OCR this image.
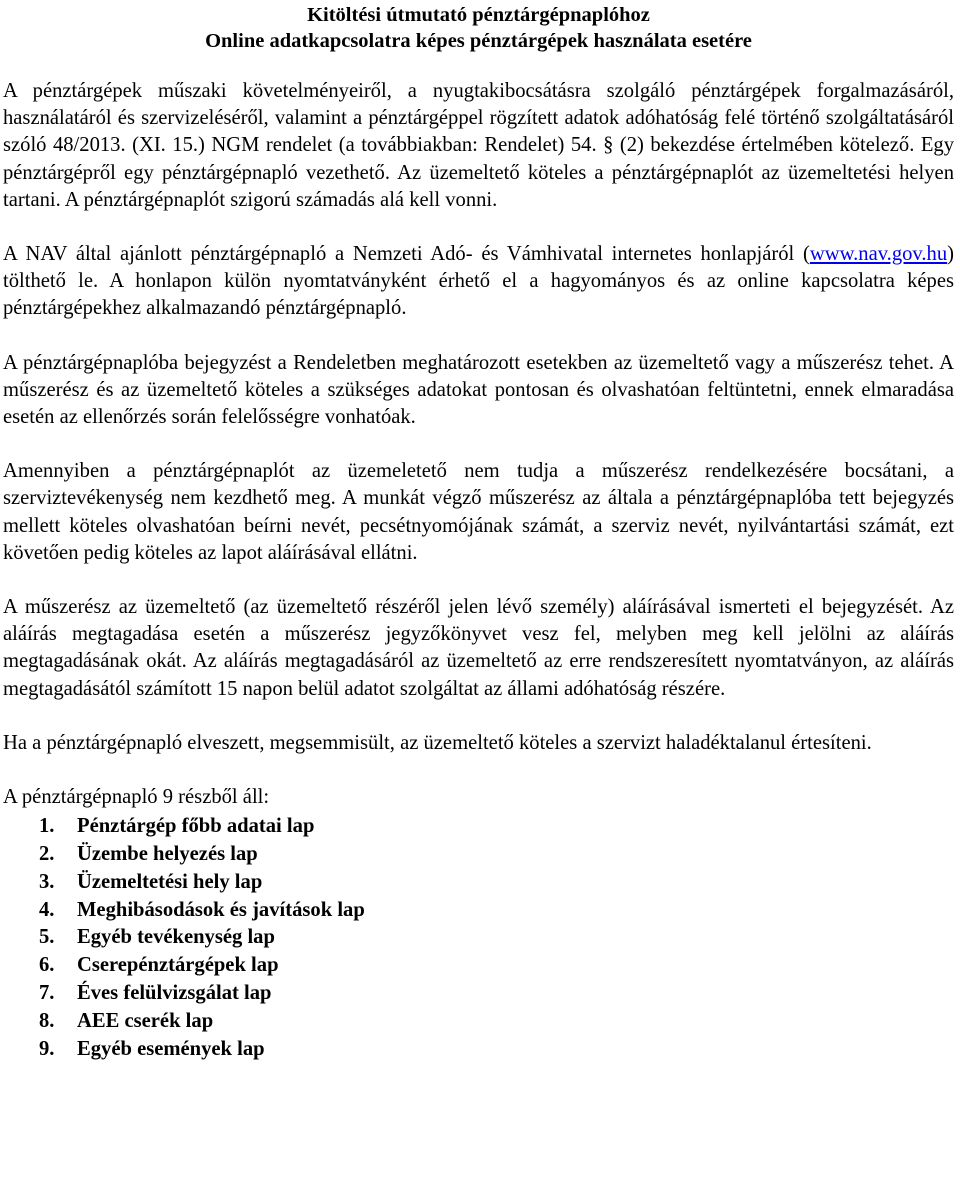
Kitöltési útmutató pénztárgépnaplóhoz

Online adatkapcsolatra képes pénztárgépek használata esetére

A pénztárgépek műszaki követelményeiről, a nyugtakibocsátásra szolgáló pénztárgépek forgalmazásáról, használatáról és szervizeléséről, valamint a pénztárgéppel rögzített adatok adóhatóság felé történő szolgáltatásáról szóló 48/2013. (XI. 15.) NGM rendelet (a továbbiakban: Rendelet) 54. § (2) bekezdése értelmében kötelező. Egy pénztárgépről egy pénztárgépnapló vezethető. Az üzemeltető köteles a pénztárgépnaplót az üzemeltetési helyen tartani. A pénztárgépnaplót szigorú számadás alá kell vonni.

A NAV által ajánlott pénztárgépnapló a Nemzeti Adó- és Vámhivatal internetes honlapjáról (www.nav.gov.hu) tölthető le. A honlapon külön nyomtatványként érhető el a hagyományos és az online kapcsolatra képes pénztárgépekhez alkalmazandó pénztárgépnapló.

A pénztárgépnaplóba bejegyzést a Rendeletben meghatározott esetekben az üzemeltető vagy a műszerész tehet. A műszerész és az üzemeltető köteles a szükséges adatokat pontosan és olvashatóan feltüntetni, ennek elmaradása esetén az ellenőrzés során felelősségre vonhatóak.

Amennyiben a pénztárgépnaplót az üzemeletető nem tudja a műszerész rendelkezésére bocsátani, a szerviztevékenység nem kezdhető meg. A munkát végző műszerész az általa a pénztárgépnaplóba tett bejegyzés mellett köteles olvashatóan beírni nevét, pecsétnyomójának számát, a szerviz nevét, nyilvántartási számát, ezt követően pedig köteles az lapot aláírásával ellátni.

A műszerész az üzemeltető (az üzemeltető részéről jelen lévő személy) aláírásával ismerteti el bejegyzését. Az aláírás megtagadása esetén a műszerész jegyzőkönyvet vesz fel, melyben meg kell jelölni az aláírás megtagadásának okát. Az aláírás megtagadásáról az üzemeltető az erre rendszeresített nyomtatványon, az aláírás megtagadásától számított 15 napon belül adatot szolgáltat az állami adóhatóság részére.

Ha a pénztárgépnapló elveszett, megsemmisült, az üzemeltető köteles a szervizt haladéktalanul értesíteni.

A pénztárgépnapló 9 részből áll:

1.	Pénztárgép főbb adatai lap
2.	Üzembe helyezés lap
3.	Üzemeltetési hely lap
4.	Meghibásodások és javítások lap
5.	Egyéb tevékenység lap
6.	Cserepénztárgépek lap
7.	Éves felülvizsgálat lap
8.	AEE cserék lap
9.	Egyéb események lap
